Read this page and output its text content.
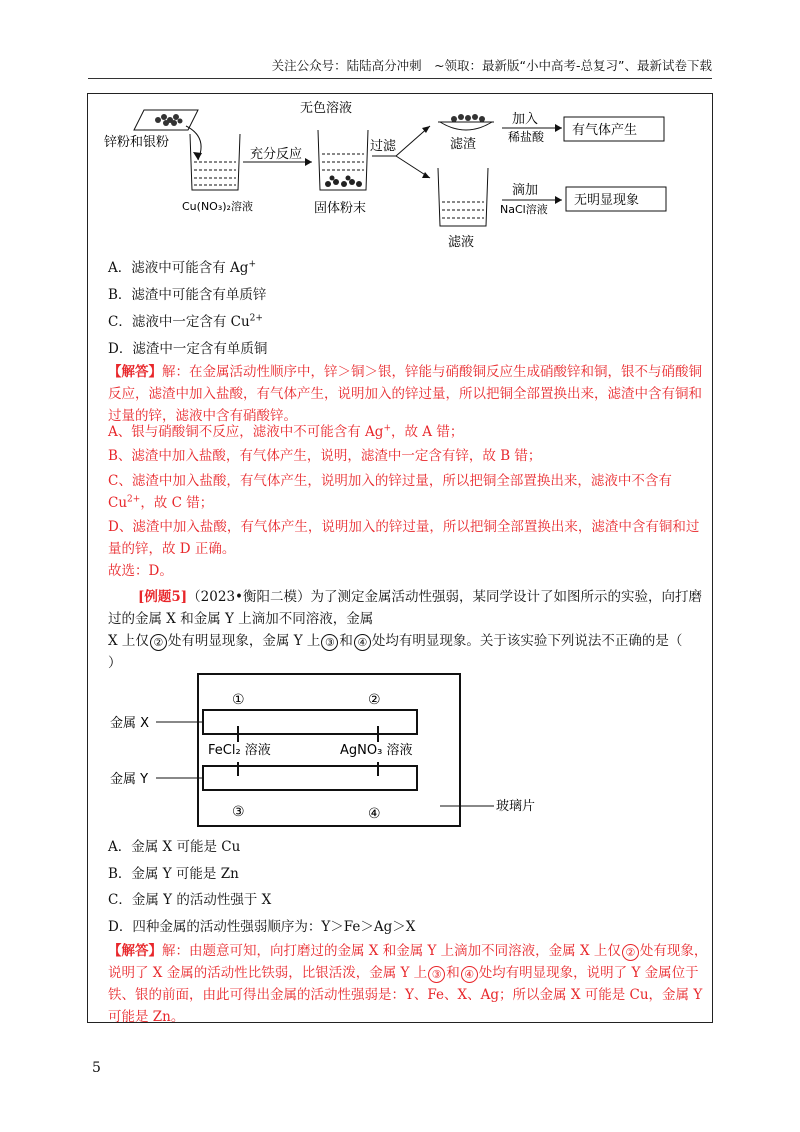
关注公众号：陆陆高分冲刺　~领取：最新版“小中高考-总复习”、最新试卷下载
锌粉和银粉
Cu(NO₃)₂溶液
充分反应
无色溶液
固体粉末
过滤	滤渣
加入
稀盐酸 有气体产生
滤液
滴加
NaCl溶液
无明显现象
A．滤液中可能含有 Ag+
B．滤渣中可能含有单质锌
C．滤液中一定含有 $Cu^{2+}$
D．滤渣中一定含有单质铜
【解答】解：在金属活动性顺序中，锌＞铜＞银，锌能与硝酸铜反应生成硝酸锌和铜，银不与硝酸铜反应，滤渣中加入盐酸，有气体产生，说明加入的锌过量，所以把铜全部置换出来，滤渣中含有铜和过量的锌，滤液中含有硝酸锌。
A、银与硝酸铜不反应，滤液中不可能含有 Ag+，故 A 错；
B、滤渣中加入盐酸，有气体产生，说明，滤渣中一定含有锌，故 B 错；
C、滤渣中加入盐酸，有气体产生，说明加入的锌过量，所以把铜全部置换出来，滤液中不含有 $Cu^{2+}$，故 C 错；
D、滤渣中加入盐酸，有气体产生，说明加入的锌过量，所以把铜全部置换出来，滤渣中含有铜和过量的锌，故 D 正确。
故选：D。
[例题5]（2023•衡阳二模）为了测定金属活动性强弱，某同学设计了如图所示的实验，向打磨过的金属 X 和金属 Y 上滴加不同溶液，金属
X 上仅 ② 处有明显现象，金属 Y 上 ③ 和 ④ 处均有明显现象。关于该实验下列说法不正确的是（
）
①	②
FeCl₂ 溶液	AgNO₃ 溶液
③	④
金属 X
金属 Y
玻璃片
A．金属 X 可能是 Cu
B．金属 Y 可能是 Zn
C．金属 Y 的活动性强于 X
D．四种金属的活动性强弱顺序为：Y＞Fe＞Ag＞X
【解答】解：由题意可知，向打磨过的金属 X 和金属 Y 上滴加不同溶液，金属 X 上仅 ② 处有现象，说明了 X 金属的活动性比铁弱，比银活泼，金属 Y 上 ③ 和 ④ 处均有明显现象，说明了 Y 金属位于铁、银的前面，由此可得出金属的活动性强弱是：Y、Fe、X、Ag；所以金属 X 可能是 Cu，金属 Y 可能是 Zn。
5
